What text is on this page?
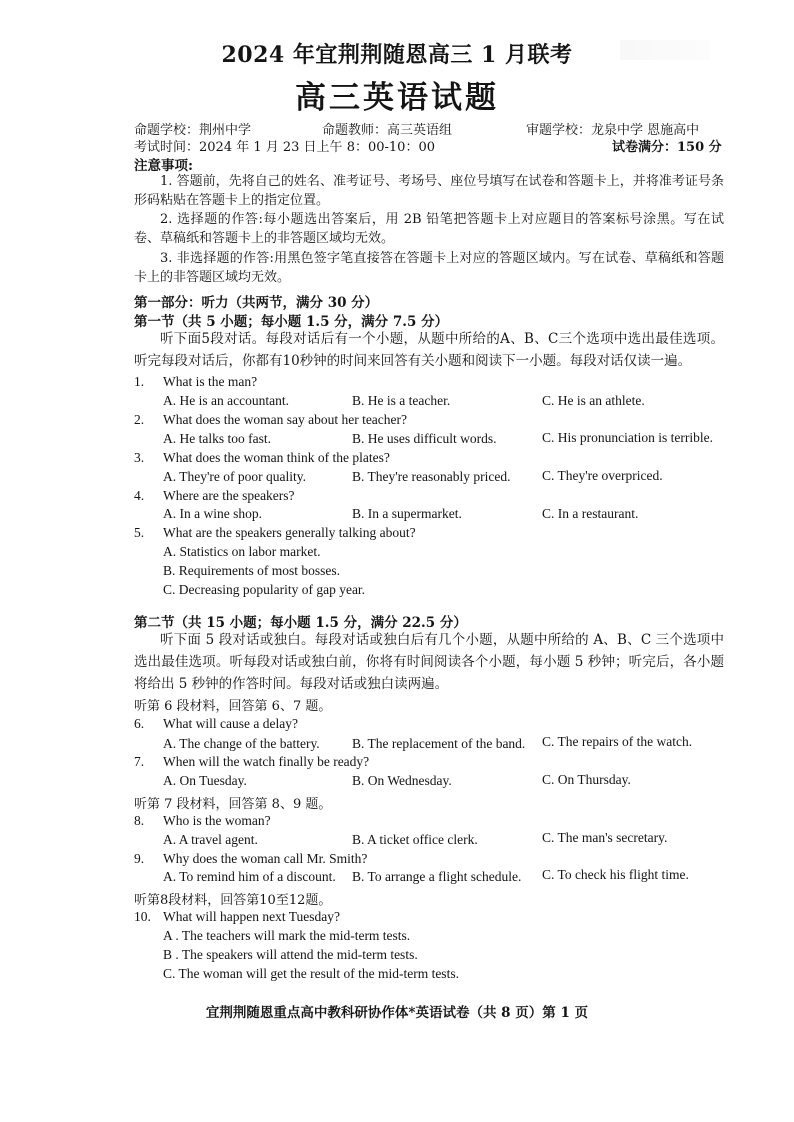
2024 年宜荆荆随恩高三 1 月联考
高三英语试题
命题学校：荆州中学	命题教师：高三英语组	审题学校：龙泉中学 恩施高中
考试时间：2024 年 1 月 23 日上午 8：00-10：00	试卷满分：150 分
注意事项:
1. 答题前，先将自己的姓名、准考证号、考场号、座位号填写在试卷和答题卡上，并将准考证号条形码粘贴在答题卡上的指定位置。
2. 选择题的作答:每小题选出答案后，用 2B 铅笔把答题卡上对应题目的答案标号涂黑。写在试卷、草稿纸和答题卡上的非答题区域均无效。
3. 非选择题的作答:用黑色签字笔直接答在答题卡上对应的答题区域内。写在试卷、草稿纸和答题卡上的非答题区域均无效。
第一部分：听力（共两节，满分 30 分）
第一节（共 5 小题；每小题 1.5 分，满分 7.5 分）
听下面5段对话。每段对话后有一个小题，从题中所给的A、B、C三个选项中选出最佳选项。听完每段对话后，你都有10秒钟的时间来回答有关小题和阅读下一小题。每段对话仅读一遍。
1. What is the man?
A. He is an accountant.	B. He is a teacher.	C. He is an athlete.
2. What does the woman say about her teacher?
A. He talks too fast.	B. He uses difficult words.	C. His pronunciation is terrible.
3. What does the woman think of the plates?
A. They're of poor quality.	B. They're reasonably priced. C. They're overpriced.
4. Where are the speakers?
A. In a wine shop.	B. In a supermarket.	C. In a restaurant.
5. What are the speakers generally talking about?
A. Statistics on labor market.
B. Requirements of most bosses.
C. Decreasing popularity of gap year.
第二节（共 15 小题；每小题 1.5 分，满分 22.5 分）
听下面 5 段对话或独白。每段对话或独白后有几个小题，从题中所给的 A、B、C 三个选项中选出最佳选项。听每段对话或独白前，你将有时间阅读各个小题，每小题 5 秒钟；听完后，各小题将给出 5 秒钟的作答时间。每段对话或独白读两遍。
听第 6 段材料，回答第 6、7 题。
6. What will cause a delay?
A. The change of the battery. B. The replacement of the band. C. The repairs of the watch.
7. When will the watch finally be ready?
A. On Tuesday.	B. On Wednesday.	C. On Thursday.
听第 7 段材料，回答第 8、9 题。
8. Who is the woman?
A. A travel agent.	B. A ticket office clerk.	C. The man's secretary.
9. Why does the woman call Mr. Smith?
A. To remind him of a discount. B. To arrange a flight schedule. C. To check his flight time.
听第8段材料，回答第10至12题。
10. What will happen next Tuesday?
A . The teachers will mark the mid-term tests.
B . The speakers will attend the mid-term tests.
C. The woman will get the result of the mid-term tests.
宜荆荆随恩重点高中教科研协作体*英语试卷（共 8 页）第 1 页
